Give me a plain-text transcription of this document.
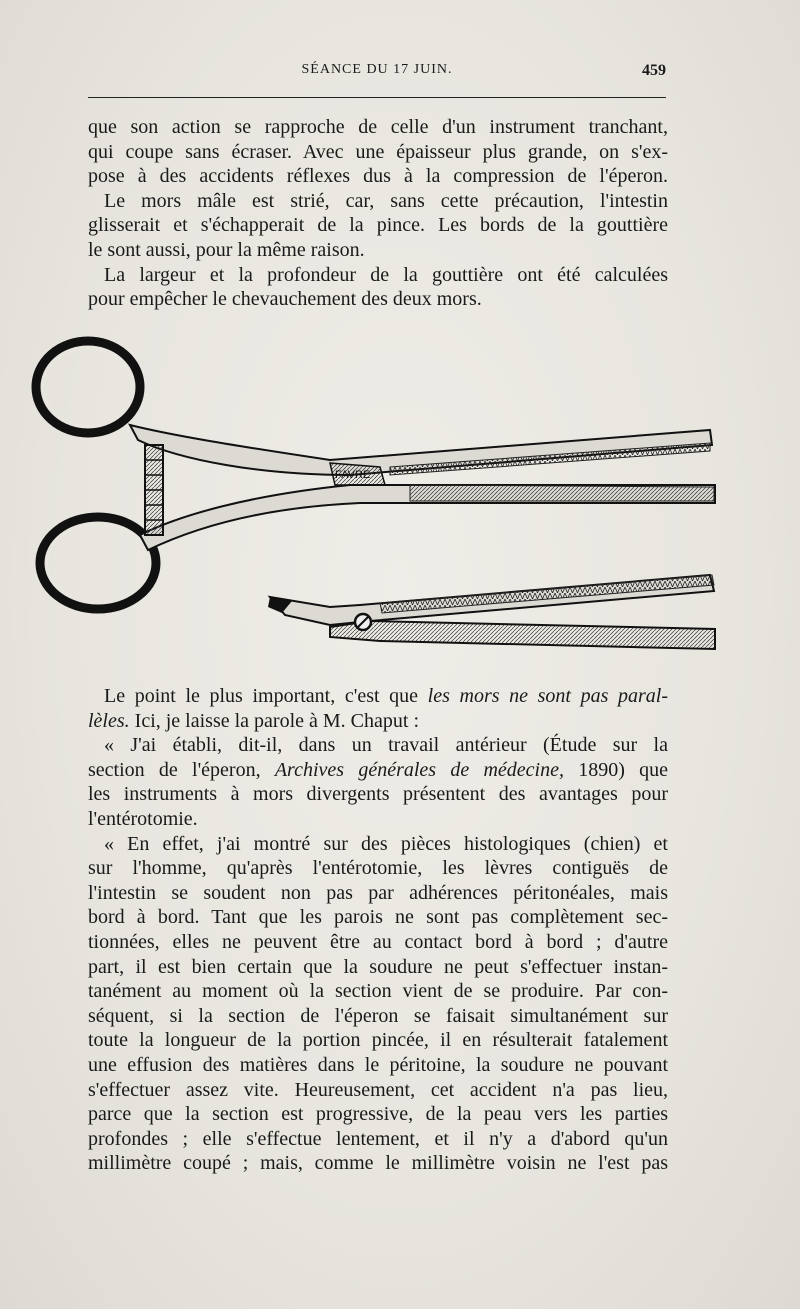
SÉANCE DU 17 JUIN.	459

que son action se rapproche de celle d'un instrument tranchant,
qui coupe sans écraser. Avec une épaisseur plus grande, on s'ex-
pose à des accidents réflexes dus à la compression de l'éperon.

Le mors mâle est strié, car, sans cette précaution, l'intestin
glisserait et s'échapperait de la pince. Les bords de la gouttière
le sont aussi, pour la même raison.

La largeur et la profondeur de la gouttière ont été calculées
pour empêcher le chevauchement des deux mors.

FAVRE

Le point le plus important, c'est que les mors ne sont pas paral-
lèles. Ici, je laisse la parole à M. Chaput :

« J'ai établi, dit-il, dans un travail antérieur (Étude sur la
section de l'éperon, Archives générales de médecine, 1890) que
les instruments à mors divergents présentent des avantages pour
l'entérotomie.

« En effet, j'ai montré sur des pièces histologiques (chien) et
sur l'homme, qu'après l'entérotomie, les lèvres contiguës de
l'intestin se soudent non pas par adhérences péritonéales, mais
bord à bord. Tant que les parois ne sont pas complètement sec-
tionnées, elles ne peuvent être au contact bord à bord ; d'autre
part, il est bien certain que la soudure ne peut s'effectuer instan-
tanément au moment où la section vient de se produire. Par con-
séquent, si la section de l'éperon se faisait simultanément sur
toute la longueur de la portion pincée, il en résulterait fatalement
une effusion des matières dans le péritoine, la soudure ne pouvant
s'effectuer assez vite. Heureusement, cet accident n'a pas lieu,
parce que la section est progressive, de la peau vers les parties
profondes ; elle s'effectue lentement, et il n'y a d'abord qu'un
millimètre coupé ; mais, comme le millimètre voisin ne l'est pas
